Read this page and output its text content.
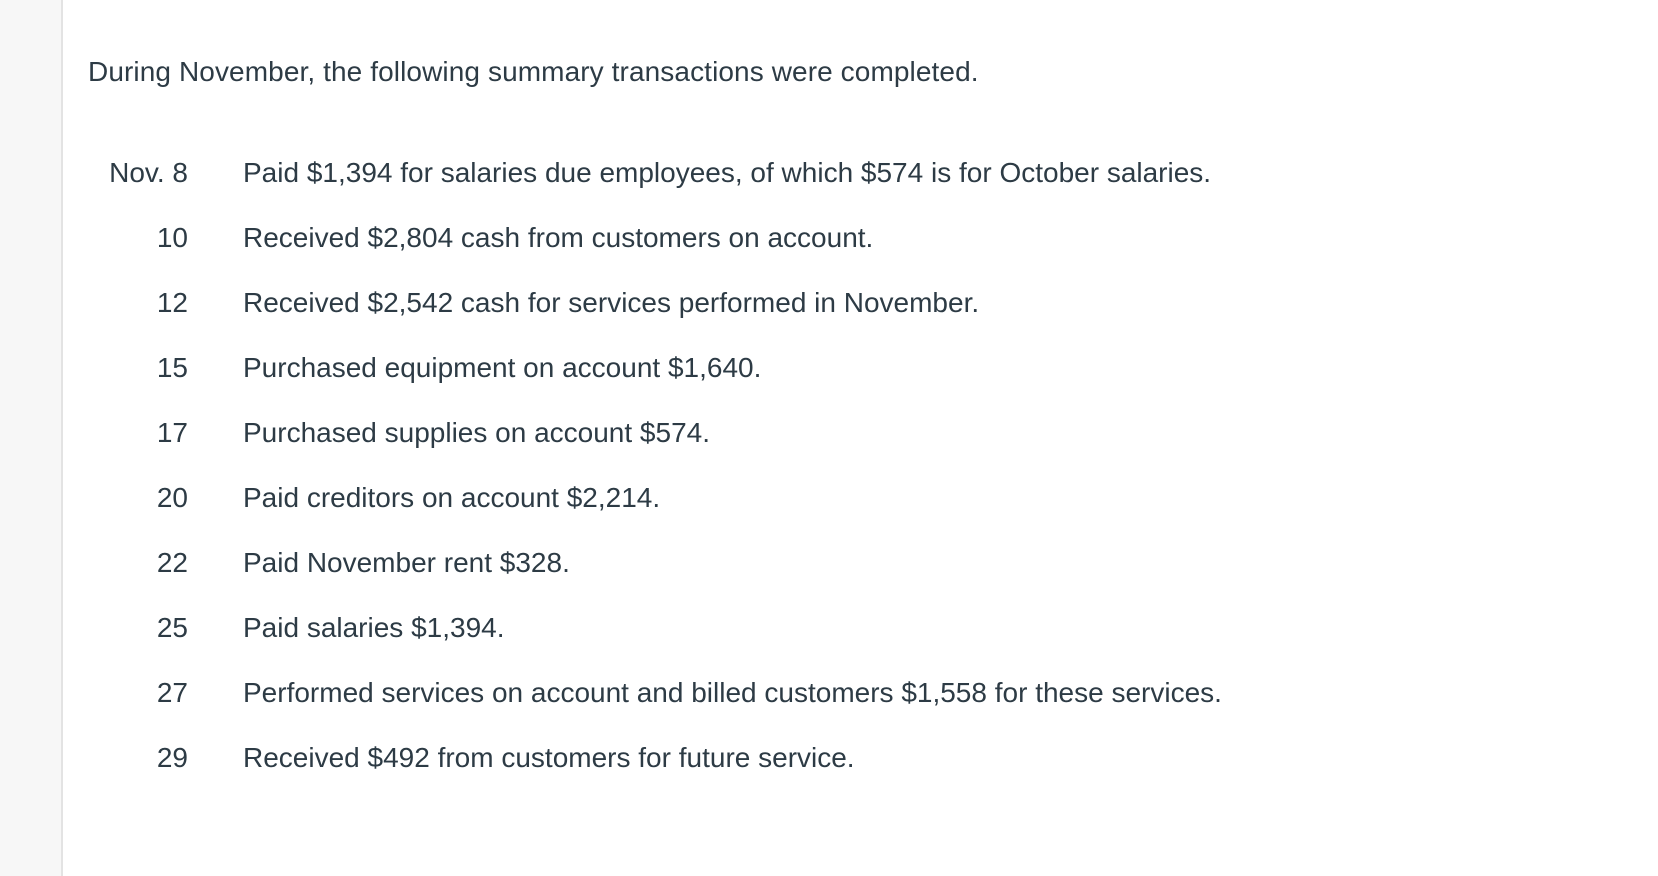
During November, the following summary transactions were completed.
Nov. 8	Paid $1,394 for salaries due employees, of which $574 is for October salaries.
10	Received $2,804 cash from customers on account.
12	Received $2,542 cash for services performed in November.
15	Purchased equipment on account $1,640.
17	Purchased supplies on account $574.
20	Paid creditors on account $2,214.
22	Paid November rent $328.
25	Paid salaries $1,394.
27	Performed services on account and billed customers $1,558 for these services.
29	Received $492 from customers for future service.
